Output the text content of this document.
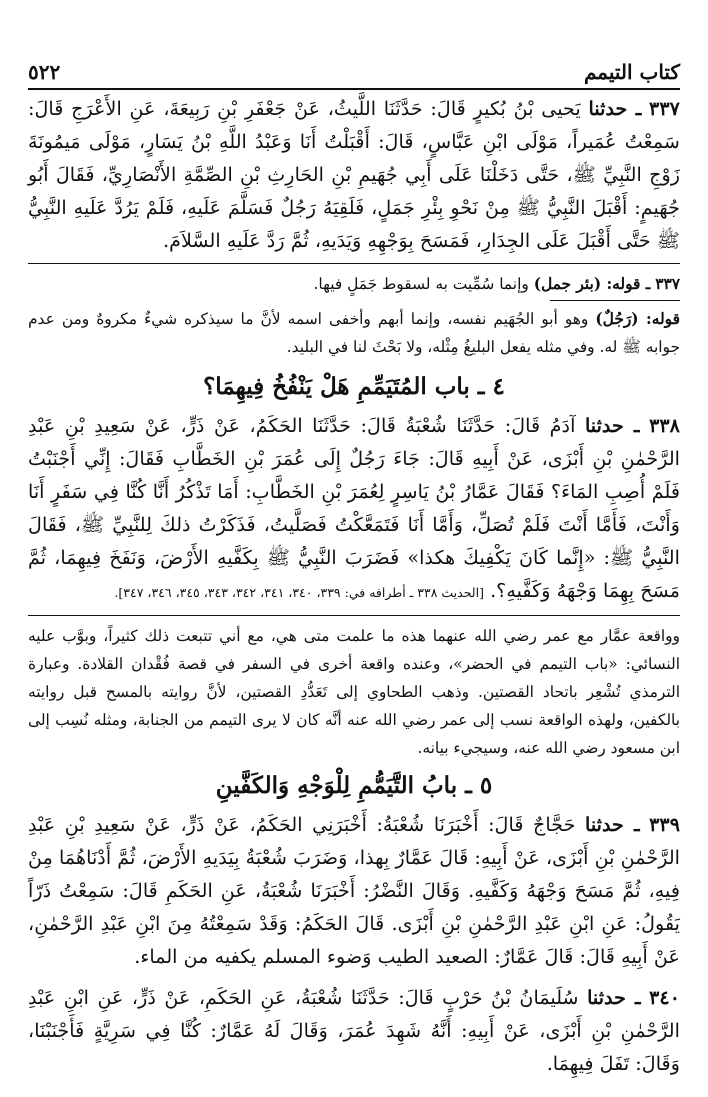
كتاب التيمم
٥٢٢

٣٣٧ ـ حدثنا يَحيى بْنُ بُكيرٍ قَالَ: حَدَّثَنَا اللَّيثُ، عَنْ جَعْفَرِ بْنِ رَبِيعَةَ، عَنِ الأَعْرَجِ قَالَ: سَمِعْتُ عُمَيراً، مَوْلَى ابْنِ عَبَّاسٍ، قَالَ: أَقْبَلْتُ أَنَا وَعَبْدُ اللَّهِ بْنُ يَسَارٍ، مَوْلَى مَيمُونَةَ زَوْجِ النَّبِيِّ ﷺ، حَتَّى دَخَلْنَا عَلَى أَبِي جُهَيمِ بْنِ الحَارِثِ بْنِ الصِّمَّةِ الأَنْصَارِيِّ، فَقَالَ أَبُو جُهَيمٍ: أَقْبَلَ النَّبِيُّ ﷺ مِنْ نَحْوِ بِئْرِ جَمَلٍ، فَلَقِيَهُ رَجُلٌ فَسَلَّمَ عَلَيهِ، فَلَمْ يَرُدَّ عَلَيهِ النَّبِيُّ ﷺ حَتَّى أَقْبَلَ عَلَى الجِدَارِ، فَمَسَحَ بِوَجْهِهِ وَيَدَيهِ، ثُمَّ رَدَّ عَلَيهِ السَّلاَمَ.

٣٣٧ ـ قوله: (بئر جمل) وإنما سُمِّيت به لسقوط جَمَلٍ فيها.

قوله: (رَجُلٌ) وهو أبو الجُهَيم نفسه، وإنما أبهم وأخفى اسمه لأنَّ ما سيذكره شيءٌ مكروهٌ ومن عدم جوابه ﷺ له. وفي مثله يفعل البليغُ مِثْله، ولا بَحْثَ لنا في البليد.

٤ ـ باب المُتَيَمِّمِ هَلْ يَنْفُخُ فِيهِمَا؟

٣٣٨ ـ حدثنا آدَمُ قَالَ: حَدَّثَنَا شُعْبَةُ قَالَ: حَدَّثَنَا الحَكَمُ، عَنْ ذَرٍّ، عَنْ سَعِيدِ بْنِ عَبْدِ الرَّحْمٰنِ بْنِ أَبْزَى، عَنْ أَبِيهِ قَالَ: جَاءَ رَجُلٌ إِلَى عُمَرَ بْنِ الخَطَّابِ فَقَالَ: إِنِّي أَجْنَبْتُ فَلَمْ أُصِبِ المَاءَ؟ فَقَالَ عَمَّارُ بْنُ يَاسِرٍ لِعُمَرَ بْنِ الخَطَّابِ: أَمَا تَذْكُرُ أَنَّا كُنَّا فِي سَفَرٍ أَنَا وَأَنْتَ، فَأَمَّا أَنْتَ فَلَمْ تُصَلِّ، وَأَمَّا أَنَا فَتَمَعَّكْتُ فَصَلَّيتُ، فَذَكَرْتُ ذلكَ لِلنَّبِيِّ ﷺ، فَقَالَ النَّبِيُّ ﷺ: «إِنَّما كَانَ يَكْفِيكَ هكذا» فَضَرَبَ النَّبِيُّ ﷺ بِكَفَّيهِ الأَرْضَ، وَنَفَخَ فِيهِمَا، ثُمَّ مَسَحَ بِهِمَا وَجْهَهُ وَكَفَّيهِ؟. [الحديث ٣٣٨ ـ أطرافه في: ٣٣٩، ٣٤٠، ٣٤١، ٣٤٢، ٣٤٣، ٣٤٥، ٣٤٦، ٣٤٧].

وواقعة عمَّار مع عمر رضي الله عنهما هذه ما علمت متى هي، مع أني تتبعت ذلك كثيراً، وبوَّب عليه النسائي: «باب التيمم في الحضر»، وعنده واقعة أخرى في السفر في قصة فُقْدان القلادة. وعبارة الترمذي تُشْعِر باتحاد القصتين. وذهب الطحاوي إلى تَعَدُّدِ القصتين، لأنَّ روايته بالمسح قبل روايته بالكفين، ولهذه الواقعة نسب إلى عمر رضي الله عنه أنَّه كان لا يرى التيمم من الجنابة، ومثله نُسِب إلى ابن مسعود رضي الله عنه، وسيجيء بيانه.

٥ ـ بابُ التَّيَمُّمِ لِلْوَجْهِ وَالكَفَّينِ

٣٣٩ ـ حدثنا حَجَّاجٌ قَالَ: أَخْبَرَنَا شُعْبَةُ: أَخْبَرَنِي الحَكَمُ، عَنْ ذَرٍّ، عَنْ سَعِيدِ بْنِ عَبْدِ الرَّحْمٰنِ بْنِ أَبْزَى، عَنْ أَبِيهِ: قَالَ عَمَّارٌ بِهذا، وَضَرَبَ شُعْبَةُ بِيَدَيهِ الأَرْضَ، ثُمَّ أَدْنَاهُمَا مِنْ فِيهِ، ثُمَّ مَسَحَ وَجْهَهُ وَكَفَّيهِ. وَقَالَ النَّضْرُ: أَخْبَرَنَا شُعْبَةُ، عَنِ الحَكَمِ قَالَ: سَمِعْتُ ذَرّاً يَقُولُ: عَنِ ابْنِ عَبْدِ الرَّحْمٰنِ بْنِ أَبْزَى. قَالَ الحَكَمُ: وَقَدْ سَمِعْتُهُ مِنَ ابْنِ عَبْدِ الرَّحْمٰنِ، عَنْ أَبِيهِ قَالَ: قَالَ عَمَّارٌ: الصعيد الطيب وَضوء المسلم يكفيه من الماء.

٣٤٠ ـ حدثنا سُلَيمَانُ بْنُ حَرْبٍ قَالَ: حَدَّثَنَا شُعْبَةُ، عَنِ الحَكَمِ، عَنْ ذَرٍّ، عَنِ ابْنِ عَبْدِ الرَّحْمٰنِ بْنِ أَبْزَى، عَنْ أَبِيهِ: أَنَّهُ شَهِدَ عُمَرَ، وَقَالَ لَهُ عَمَّارٌ: كُنَّا فِي سَرِيَّةٍ فَأَجْنَبْنَا، وَقَالَ: تَفَلَ فِيهِمَا.
